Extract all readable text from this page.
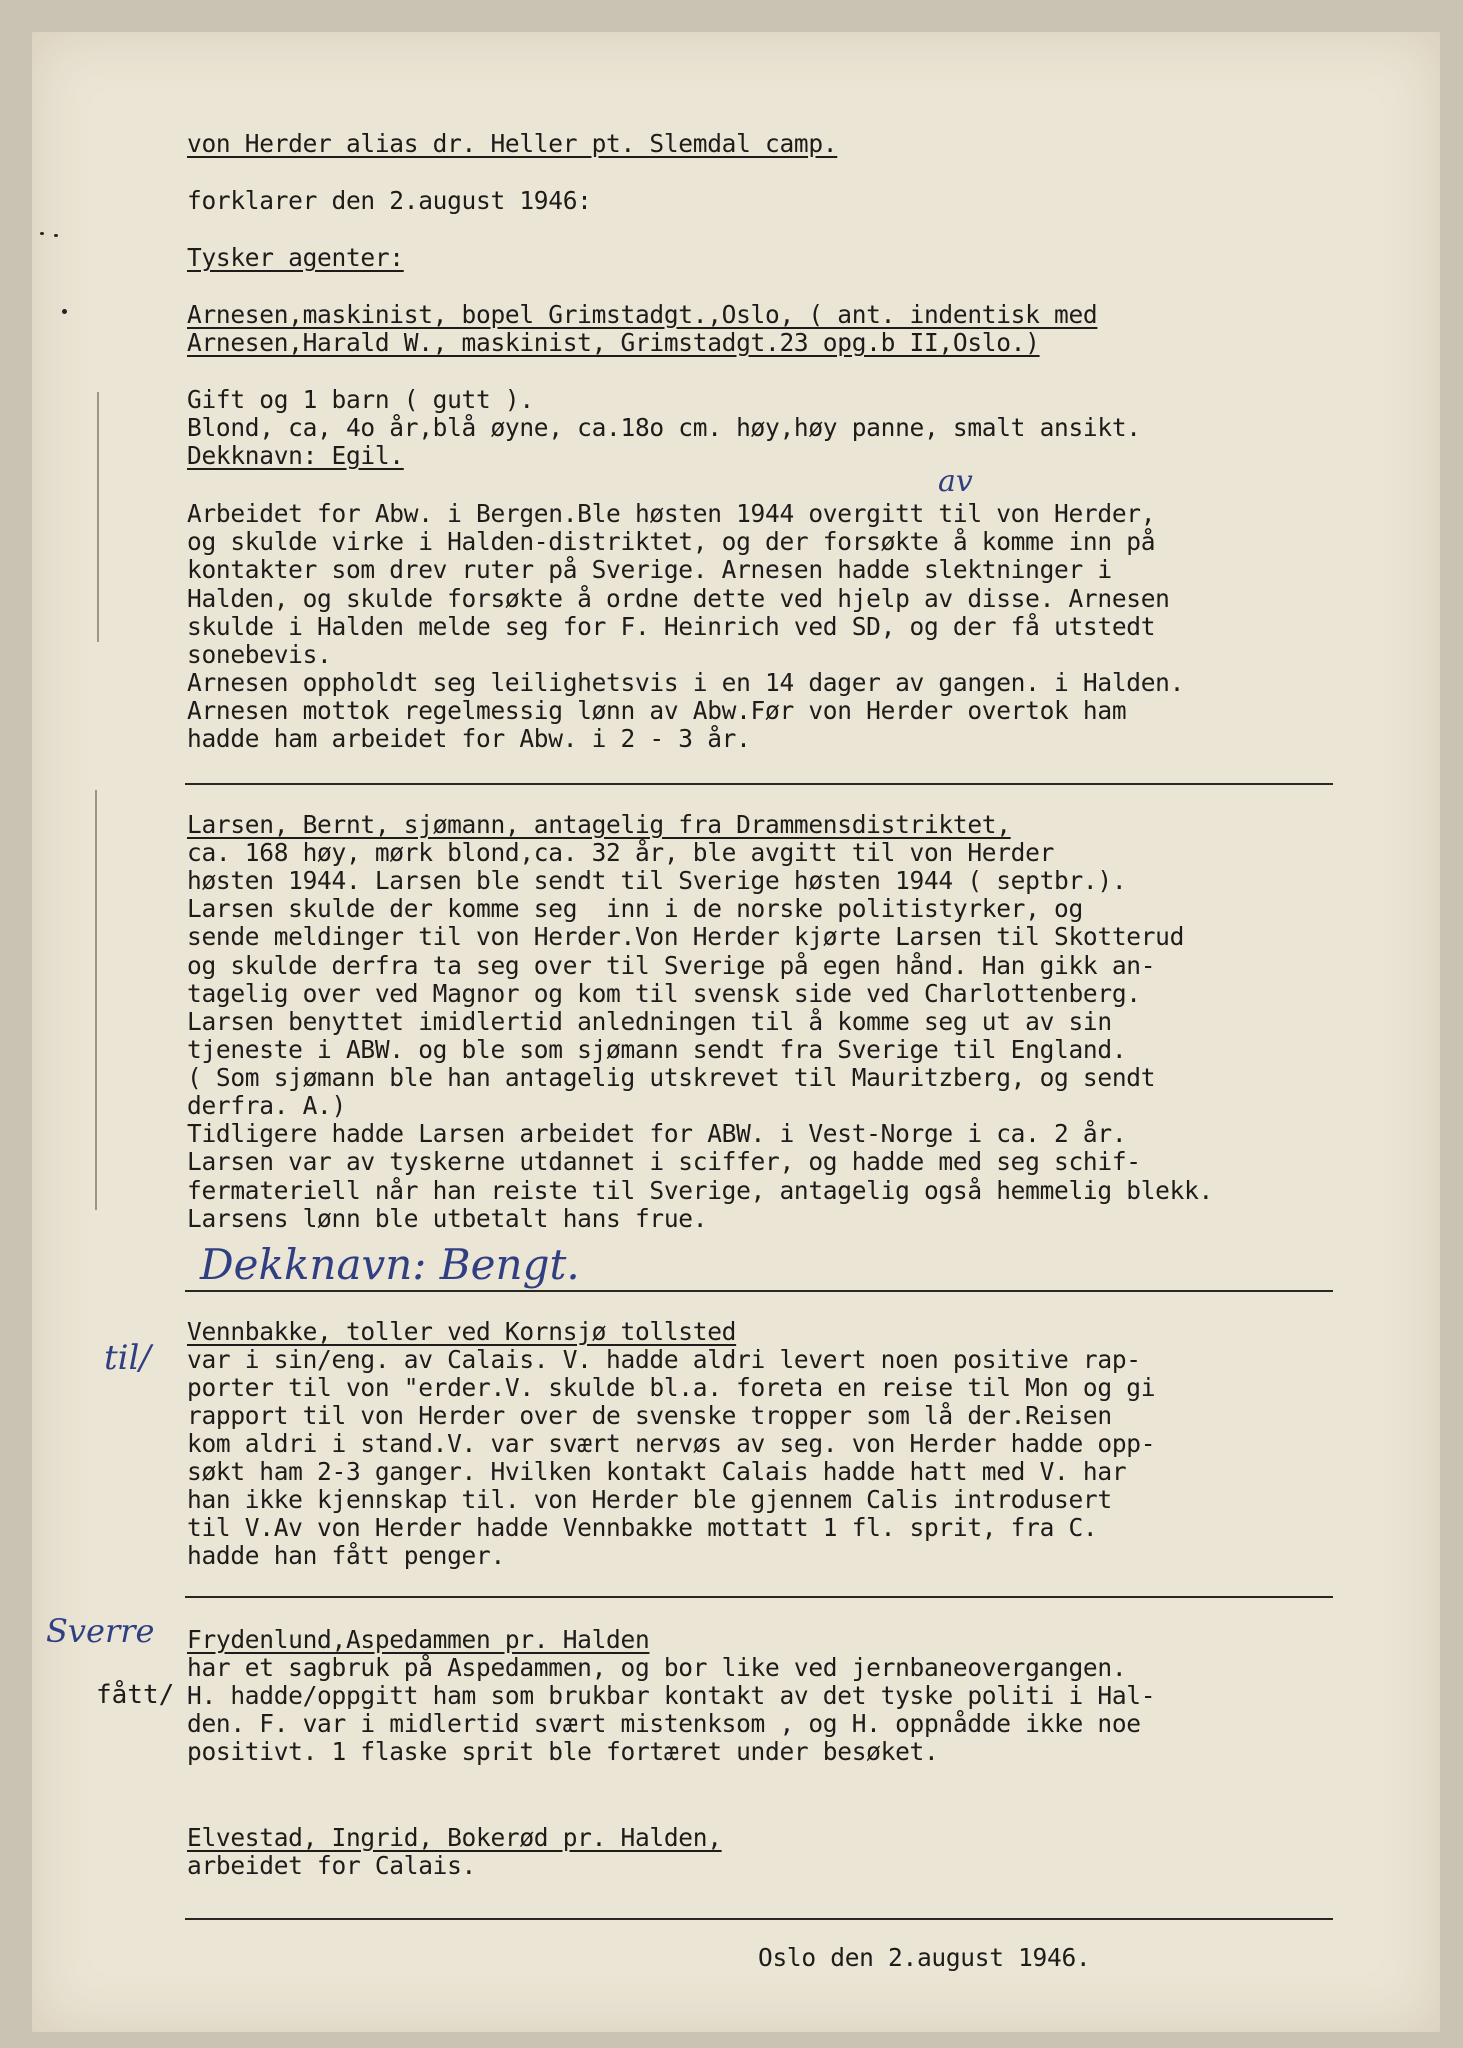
von Herder alias dr. Heller pt. Slemdal camp.
forklarer den 2.august 1946:
Tysker agenter:
Arnesen,maskinist, bopel Grimstadgt.,Oslo, ( ant. indentisk med
Arnesen,Harald W., maskinist, Grimstadgt.23 opg.b II,Oslo.)
Gift og 1 barn ( gutt ).
Blond, ca, 4o år,blå øyne, ca.18o cm. høy,høy panne, smalt ansikt.
Dekknavn: Egil.
Arbeidet for Abw. i Bergen.Ble høsten 1944 overgitt til von Herder,
og skulde virke i Halden-distriktet, og der forsøkte å komme inn på
kontakter som drev ruter på Sverige. Arnesen hadde slektninger i
Halden, og skulde forsøkte å ordne dette ved hjelp av disse. Arnesen
skulde i Halden melde seg for F. Heinrich ved SD, og der få utstedt
sonebevis.
Arnesen oppholdt seg leilighetsvis i en 14 dager av gangen. i Halden.
Arnesen mottok regelmessig lønn av Abw.Før von Herder overtok ham
hadde ham arbeidet for Abw. i 2 - 3 år.
av
Larsen, Bernt, sjømann, antagelig fra Drammensdistriktet,
ca. 168 høy, mørk blond,ca. 32 år, ble avgitt til von Herder
høsten 1944. Larsen ble sendt til Sverige høsten 1944 ( septbr.).
Larsen skulde der komme seg  inn i de norske politistyrker, og
sende meldinger til von Herder.Von Herder kjørte Larsen til Skotterud
og skulde derfra ta seg over til Sverige på egen hånd. Han gikk an-
tagelig over ved Magnor og kom til svensk side ved Charlottenberg.
Larsen benyttet imidlertid anledningen til å komme seg ut av sin
tjeneste i ABW. og ble som sjømann sendt fra Sverige til England.
( Som sjømann ble han antagelig utskrevet til Mauritzberg, og sendt
derfra. A.)
Tidligere hadde Larsen arbeidet for ABW. i Vest-Norge i ca. 2 år.
Larsen var av tyskerne utdannet i sciffer, og hadde med seg schif-
fermateriell når han reiste til Sverige, antagelig også hemmelig blekk.
Larsens lønn ble utbetalt hans frue.
Dekknavn: Bengt.
til/
Vennbakke, toller ved Kornsjø tollsted
var i sin/eng. av Calais. V. hadde aldri levert noen positive rap-
porter til von "erder.V. skulde bl.a. foreta en reise til Mon og gi
rapport til von Herder over de svenske tropper som lå der.Reisen
kom aldri i stand.V. var svært nervøs av seg. von Herder hadde opp-
søkt ham 2-3 ganger. Hvilken kontakt Calais hadde hatt med V. har
han ikke kjennskap til. von Herder ble gjennem Calis introdusert
til V.Av von Herder hadde Vennbakke mottatt 1 fl. sprit, fra C.
hadde han fått penger.
Sverre Frydenlund,Aspedammen pr. Halden
har et sagbruk på Aspedammen, og bor like ved jernbaneovergangen.
fått/ H. hadde/oppgitt ham som brukbar kontakt av det tyske politi i Hal-
den. F. var i midlertid svært mistenksom , og H. oppnådde ikke noe
positivt. 1 flaske sprit ble fortæret under besøket.
Elvestad, Ingrid, Bokerød pr. Halden,
arbeidet for Calais.
Oslo den 2.august 1946.
